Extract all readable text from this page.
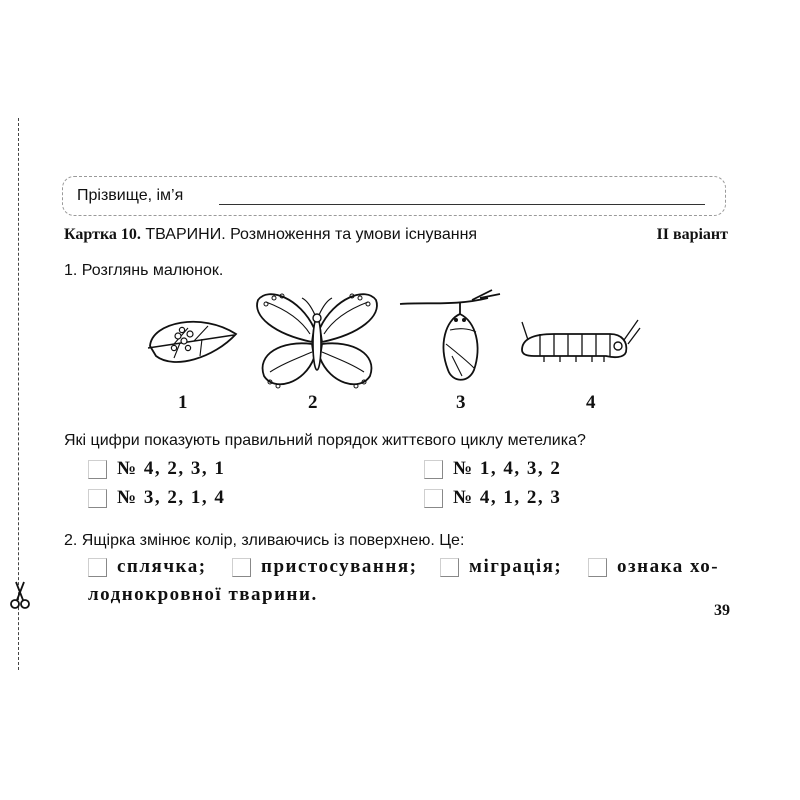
Прізвище, ім’я
Картка 10. ТВАРИНИ. Розмноження та умови існування	II варіант
1. Розглянь малюнок.
1	2	3	4
Які цифри показують правильний порядок життєвого циклу метелика?
№ 4, 2, 3, 1	№ 1, 4, 3, 2
№ 3, 2, 1, 4	№ 4, 1, 2, 3
2. Ящірка змінює колір, зливаючись із поверхнею. Це:
сплячка;	пристосування;	міграція;	ознака хо-
лоднокровної тварини.
39
